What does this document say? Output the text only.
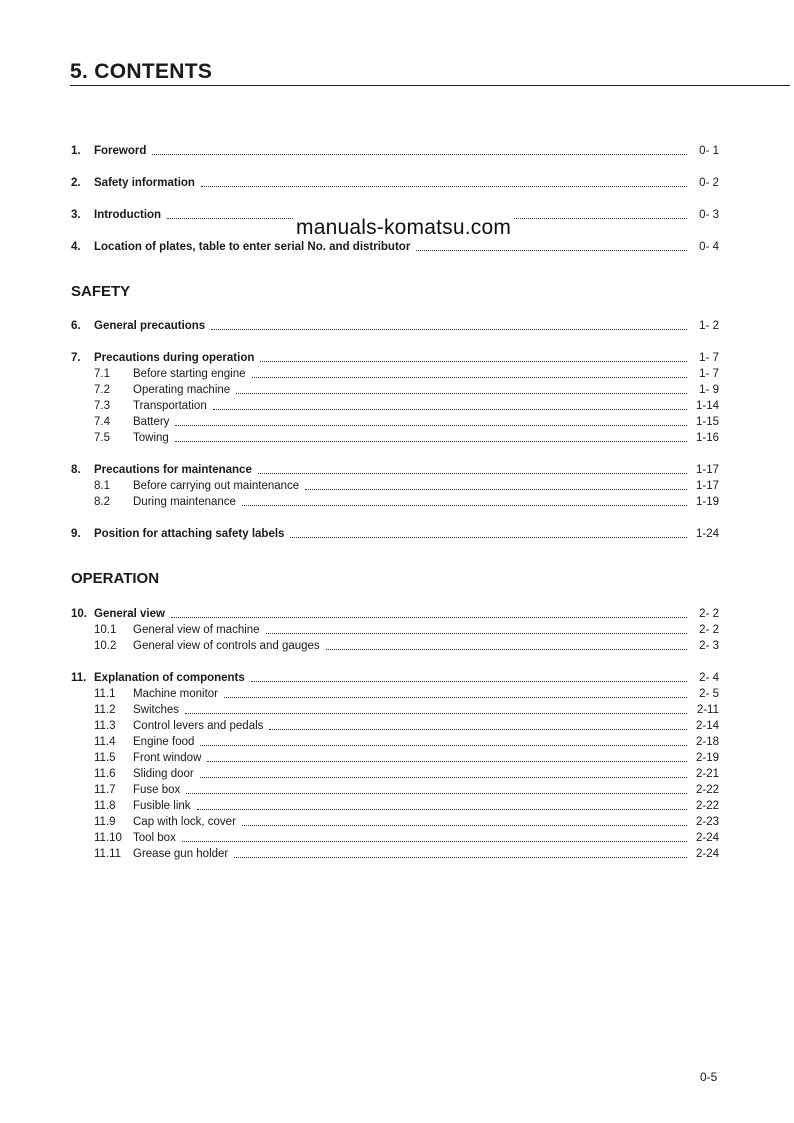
5. CONTENTS
1.	Foreword	0- 1
2.	Safety information	0- 2
3.	Introduction	0- 3
4.	Location of plates, table to enter serial No. and distributor	0- 4
manuals-komatsu.com
SAFETY
6.	General precautions	1- 2
7.	Precautions during operation	1- 7
7.1	Before starting engine	1- 7
7.2	Operating machine	1- 9
7.3	Transportation	1-14
7.4	Battery	1-15
7.5	Towing	1-16
8.	Precautions for maintenance	1-17
8.1	Before carrying out maintenance	1-17
8.2	During maintenance	1-19
9.	Position for attaching safety labels	1-24
OPERATION
10. General view	2- 2
10.1	General view of machine	2- 2
10.2	General view of controls and gauges	2- 3
11. Explanation of components	2- 4
11.1	Machine monitor	2- 5
11.2	Switches	2-11
11.3	Control levers and pedals	2-14
11.4	Engine food	2-18
11.5	Front window	2-19
11.6	Sliding door	2-21
11.7	Fuse box	2-22
11.8	Fusible link	2-22
11.9	Cap with lock, cover	2-23
11.10 Tool box	2-24
11.11	Grease gun holder	2-24
0-5
